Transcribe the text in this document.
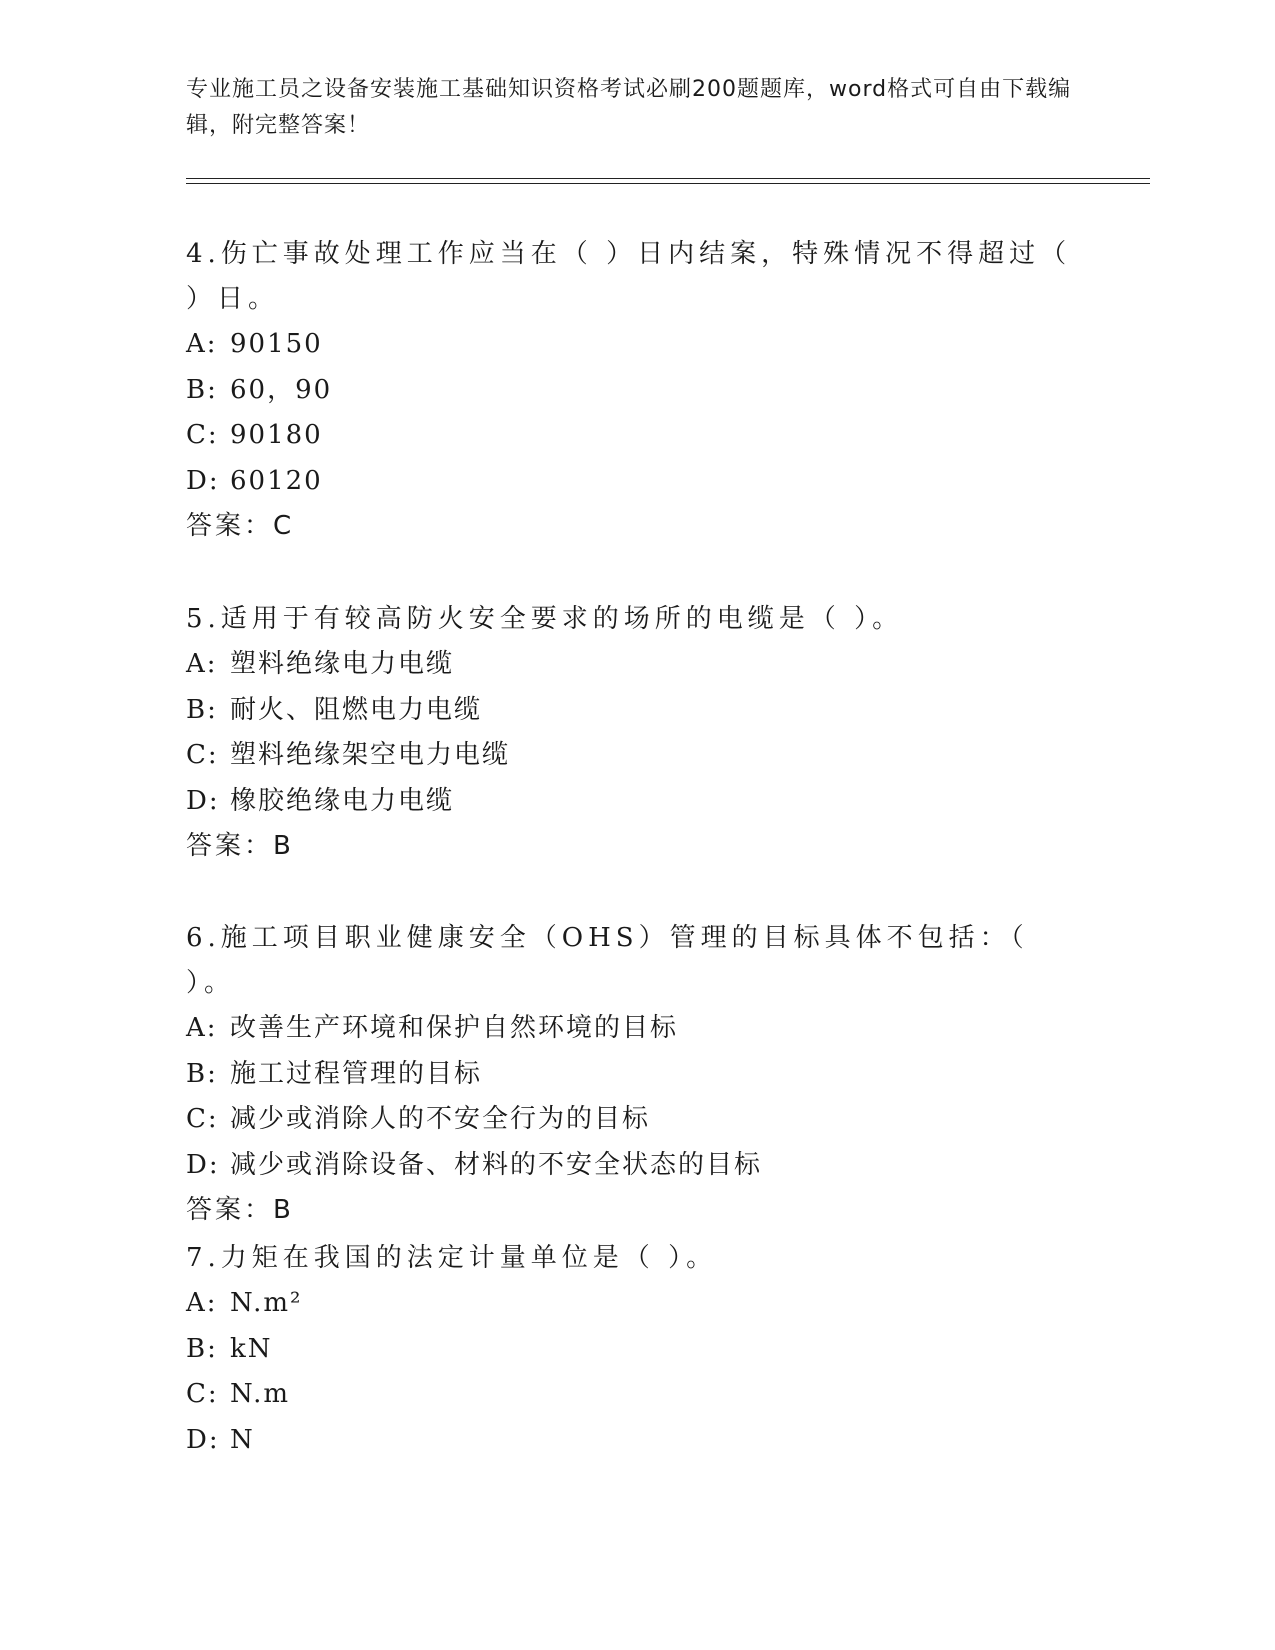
专业施工员之设备安装施工基础知识资格考试必刷200题题库，word格式可自由下载编辑，附完整答案！

4.伤亡事故处理工作应当在（ ）日内结案，特殊情况不得超过（ ）日。

A: 90150

B: 60，90

C: 90180

D: 60120

答案：C

5.适用于有较高防火安全要求的场所的电缆是（ ）。

A: 塑料绝缘电力电缆

B: 耐火、阻燃电力电缆

C: 塑料绝缘架空电力电缆

D: 橡胶绝缘电力电缆

答案：B

6.施工项目职业健康安全（OHS）管理的目标具体不包括：（ ）。

A: 改善生产环境和保护自然环境的目标

B: 施工过程管理的目标

C: 减少或消除人的不安全行为的目标

D: 减少或消除设备、材料的不安全状态的目标

答案：B

7.力矩在我国的法定计量单位是（ ）。

A: N.m²

B: kN

C: N.m

D: N
